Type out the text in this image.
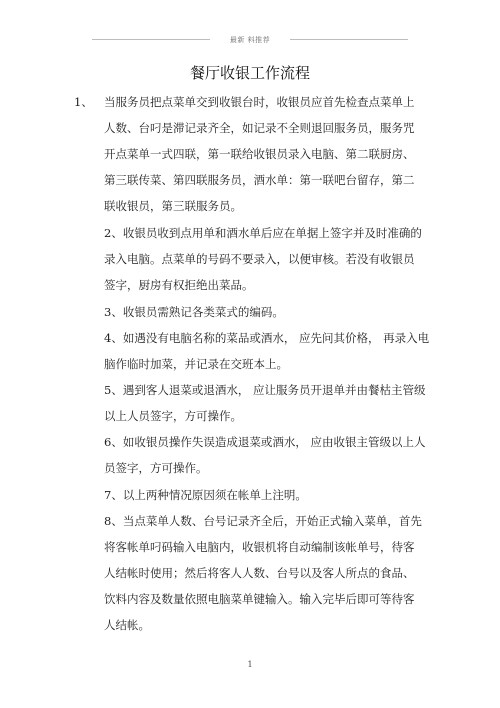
最新 料推荐
餐厅收银工作流程
1、 当服务员把点菜单交到收银台时，收银员应首先检查点菜单上
人数、台叼是滞记录齐全，如记录不全则退回服务员，服务咒
开点菜单一式四联，第一联给收银员录入电脑、第二联厨房、
第三联传菜、第四联服务员，酒水单：第一联吧台留存，第二
联收银员，第三联服务员。
2、收银员收到点用单和酒水单后应在单据上签字并及时准确的
录入电脑。点菜单的号码不要录入，以便审核。若没有收银员
签字，厨房有权拒绝出菜品。
3、收银员需熟记各类菜式的编码。
4、如遇没有电脑名称的菜品或酒水， 应先问其价格， 再录入电
脑作临时加菜，并记录在交班本上。
5、遇到客人退菜或退酒水， 应让服务员开退单并由餐枯主管级
以上人员签字，方可操作。
6、如收银员操作失误造成退菜或酒水， 应由收银主管级以上人
员签字，方可操作。
7、以上两种情况原因须在帐单上注明。
8、当点菜单人数、台号记录齐全后，开始正式输入菜单，首先
将客帐单叼码输入电脑内，收银机将自动编制该帐单号，待客
人结帐时使用；然后将客人人数、台号以及客人所点的食品、
饮料内容及数量依照电脑菜单键输入。输入完毕后即可等待客
人结帐。
1
